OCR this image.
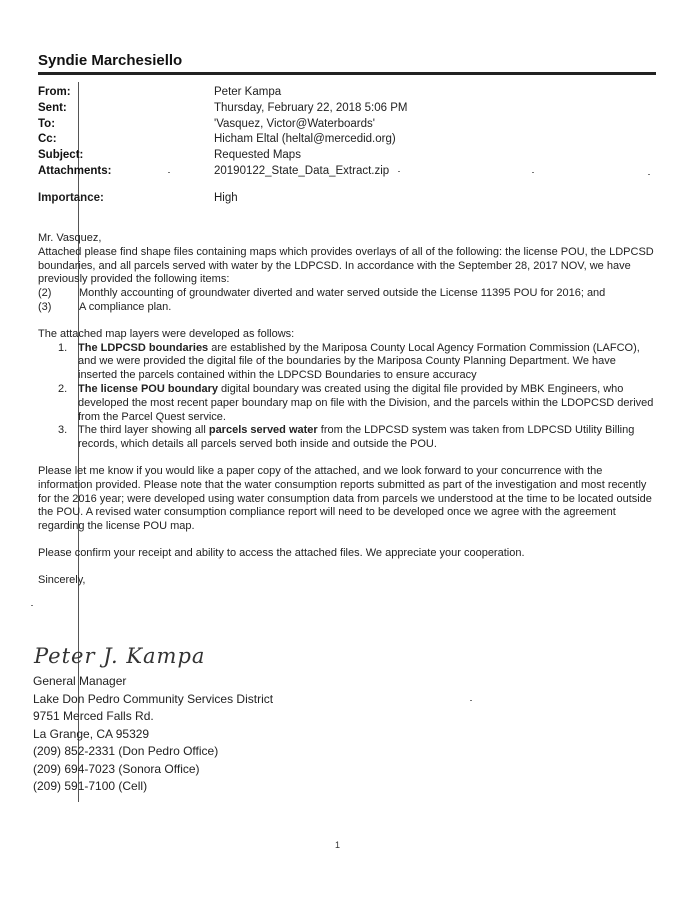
Syndie Marchesiello
From:	Peter Kampa
Sent:	Thursday, February 22, 2018 5:06 PM
To:	'Vasquez, Victor@Waterboards'
Cc:	Hicham Eltal (heltal@mercedid.org)
Subject:	Requested Maps
Attachments:	20190122_State_Data_Extract.zip
Importance:	High

Mr. Vasquez,

Attached please find shape files containing maps which provides overlays of all of the following: the license POU, the LDPCSD boundaries, and all parcels served with water by the LDPCSD. In accordance with the September 28, 2017 NOV, we have previously provided the following items:

(2)	Monthly accounting of groundwater diverted and water served outside the License 11395 POU for 2016; and

(3)	A compliance plan.

The attached map layers were developed as follows:

1. The LDPCSD boundaries are established by the Mariposa County Local Agency Formation Commission (LAFCO), and we were provided the digital file of the boundaries by the Mariposa County Planning Department. We have inserted the parcels contained within the LDPCSD Boundaries to ensure accuracy

2. The license POU boundary digital boundary was created using the digital file provided by MBK Engineers, who developed the most recent paper boundary map on file with the Division, and the parcels within the LDOPCSD derived from the Parcel Quest service.

3. The third layer showing all parcels served water from the LDPCSD system was taken from LDPCSD Utility Billing records, which details all parcels served both inside and outside the POU.

Please let me know if you would like a paper copy of the attached, and we look forward to your concurrence with the information provided. Please note that the water consumption reports submitted as part of the investigation and most recently for the 2016 year; were developed using water consumption data from parcels we understood at the time to be located outside the POU. A revised water consumption compliance report will need to be developed once we agree with the agreement regarding the license POU map.

Please confirm your receipt and ability to access the attached files. We appreciate your cooperation.

Sincerely,

Peter J. Kampa

General Manager

Lake Don Pedro Community Services District

9751 Merced Falls Rd.

La Grange, CA 95329

(209) 852-2331 (Don Pedro Office)

(209) 694-7023 (Sonora Office)

(209) 591-7100 (Cell)

1
